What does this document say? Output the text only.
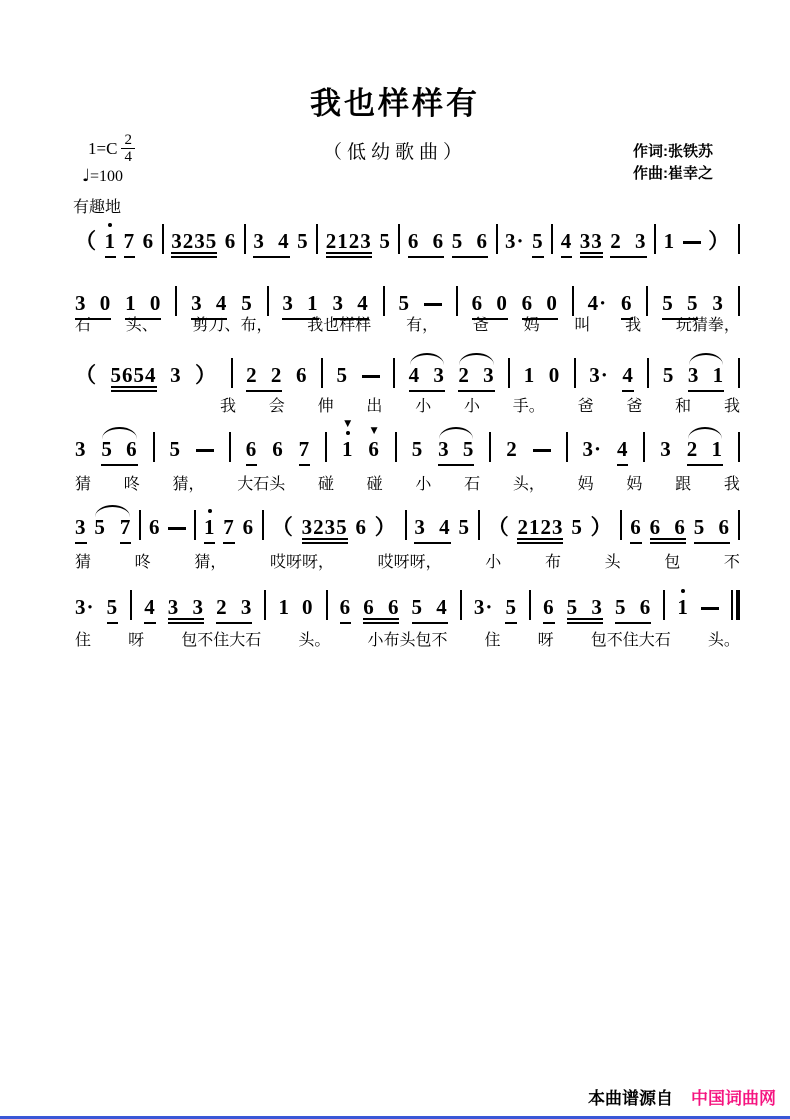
我也样样有
（低幼歌曲）	作词:张铁苏
作曲:崔幸之
$1=C \frac{2}{4}$
♩=100
有趣地
（ 1 7 6 3235 6 3 4 5 2123 5 6 6 5 6 3· 5 4 33 2 3 1 ）
3 0 1 0 3 4 5 3 1 3 4 5	6 0 6 0 4· 6 5 5 3
石 头、 剪刀、布， 我也样样 有， 爸 妈 叫 我 玩猜拳，
（ 5654 3 ） 2 2 6 5	4 3 2 3 1 0 3· 4 5 3 1
我 会 伸 出 小 小 手。 爸 爸 和 我
3 5 6 5	6 6 7
▼
1
▼
6 5 3 5 2	3· 4 3 2 1
猜 咚 猜， 大石头 碰 碰 小 石 头， 妈 妈 跟 我
3 5 7 6 1 7 6 （ 3235 6 ） 3 4 5 （ 2123 5 ） 6 6 6 5 6
猜	咚	猜，	哎呀呀，	哎呀呀，	小	布	头	包	不
3· 5 4 3 3 2 3 1 0 6 6 6 5 4 3· 5 6 5 3 5 6 1
住 呀 包不住大石 头。 小布头包不 住 呀 包不住大石 头。
本曲谱源自 中国词曲网
